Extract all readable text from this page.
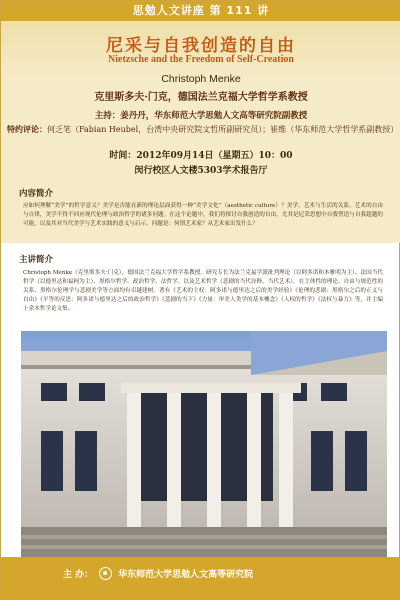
思勉人文讲座 第 111 讲
尼采与自我创造的自由
Nietzsche and the Freedom of Self-Creation
Christoph Menke
克里斯多夫·门克，德国法兰克福大学哲学系教授
主持：姜丹丹，华东师范大学思勉人文高等研究院副教授
特约评论：何乏笔（Fabian Heubel，台湾中央研究院文哲所副研究员）；崔维（华东师范大学哲学系副教授）
时间：2012年09月14日（星期五）10：00
闵行校区人文楼5303学术报告厅
内容简介
应如何理解“美学”的哲学意义？美学是否能在新的理论层面获得一种“美学文化”（aesthetic culture）？美学、艺术与生活的关系，艺术的自由与自律，美学不得不回应现代伦理与政治哲学的诸多问题。在这个论题中，我们将探讨自我创造的自由，尤其是尼采思想中自我塑造与自我超越的可能，以及其对当代美学与艺术实践的意义与启示。问题是：何谓艺术家？从艺术家出发什么？
主讲简介
Christoph Menke（克里斯多夫·门克），德国法兰克福大学哲学系教授。研究专长为法兰克福学派批判理论（以阿多诺和本雅明为主）、法国当代哲学（以德里达和福柯为主）、黑格尔哲学、政治哲学、法哲学、以及艺术哲学（悲剧的当代诠释、当代艺术）。在主体性的理论、自由与规范性的关系、黑格尔伦理学与悲剧美学等方面均有卓越建树。著有《艺术的主权：阿多诺与德里达之后的美学经验》《伦理的悲剧：黑格尔之后的正义与自由》《平等的反思：阿多诺与德里达之后的政治哲学》《悲剧的当下》《力量：审美人类学的基本概念》《人权的哲学》《法权与暴力》等，并主编十余本哲学论文集。
主 办：	华东师范大学思勉人文高等研究院
